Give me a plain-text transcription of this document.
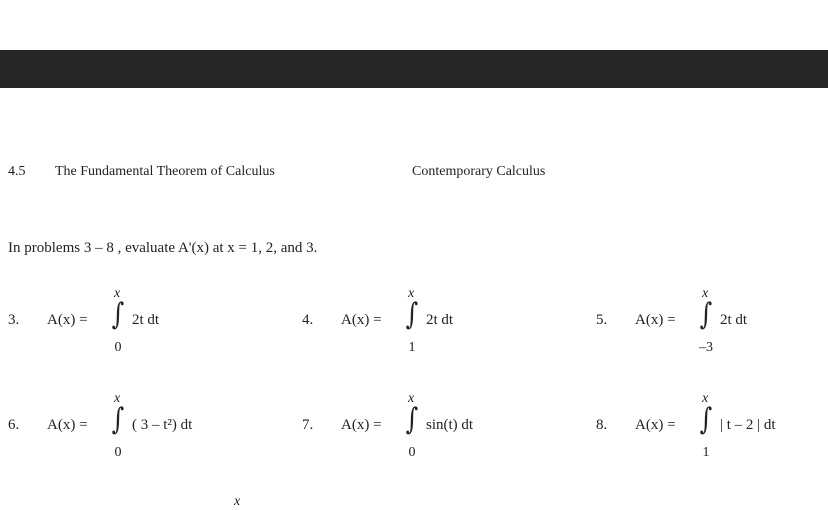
4.5 The Fundamental Theorem of Calculus	Contemporary Calculus
In problems 3 – 8 , evaluate A'(x) at x = 1, 2, and 3.
3. A(x) = ∫
x
0
2t dt	4. A(x) = ∫
x
1
2t dt	5. A(x) = ∫
x
–3
2t dt
6. A(x) = ∫
x
0
( 3 – t²) dt	7. A(x) = ∫
x
0
sin(t) dt	8. A(x) = ∫
x
1
| t – 2 | dt
x
